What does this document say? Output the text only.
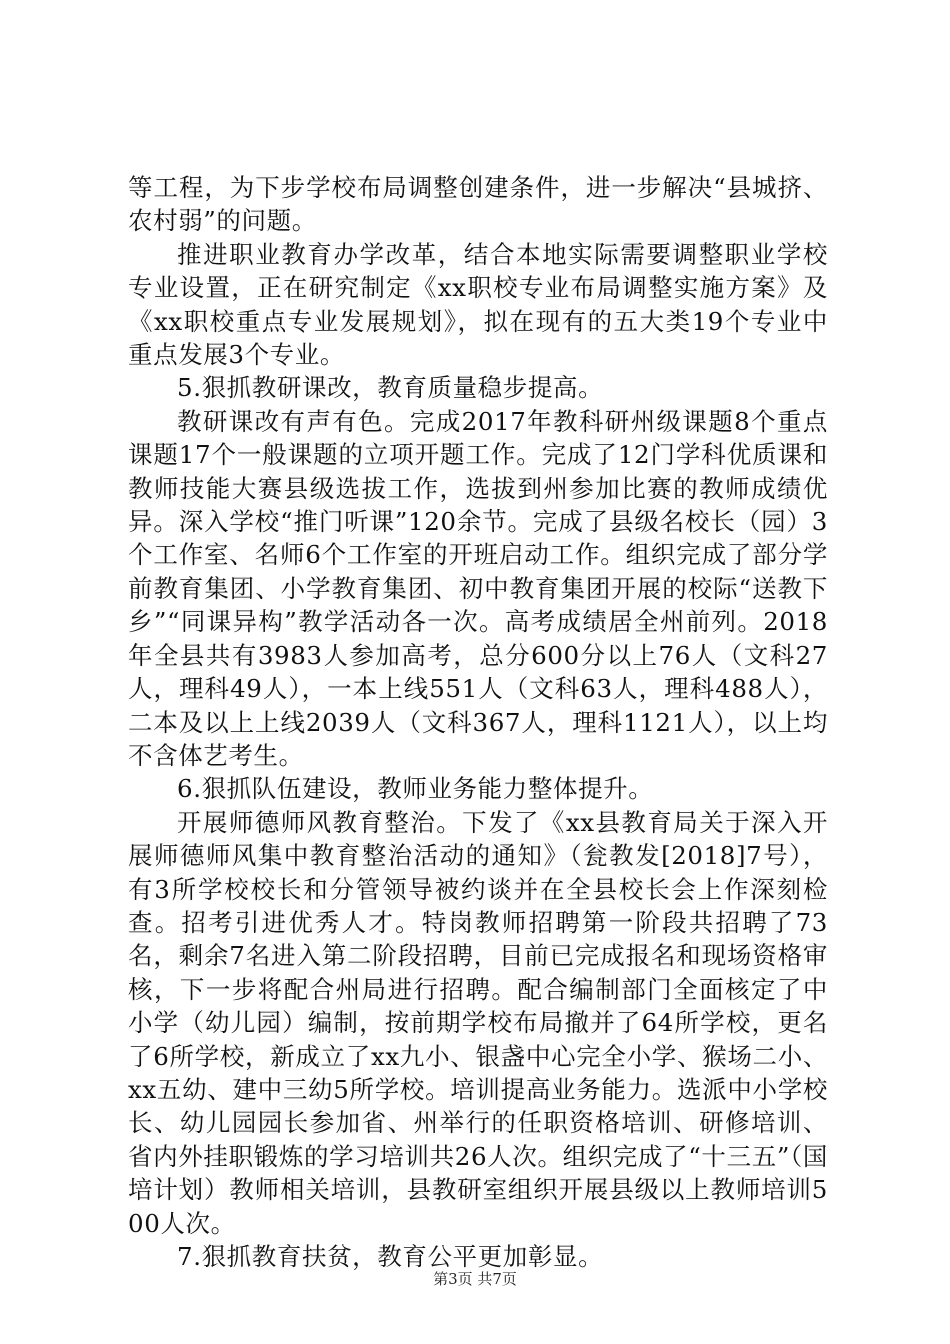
等工程，为下步学校布局调整创建条件，进一步解决“县城挤、农村弱”的问题。

推进职业教育办学改革，结合本地实际需要调整职业学校专业设置，正在研究制定《xx职校专业布局调整实施方案》及《xx职校重点专业发展规划》，拟在现有的五大类19个专业中重点发展3个专业。

5.狠抓教研课改，教育质量稳步提高。

教研课改有声有色。完成2017年教科研州级课题8个重点课题17个一般课题的立项开题工作。完成了12门学科优质课和教师技能大赛县级选拔工作，选拔到州参加比赛的教师成绩优异。深入学校“推门听课”120余节。完成了县级名校长（园）3个工作室、名师6个工作室的开班启动工作。组织完成了部分学前教育集团、小学教育集团、初中教育集团开展的校际“送教下乡”“同课异构”教学活动各一次。高考成绩居全州前列。2018年全县共有3983人参加高考，总分600分以上76人（文科27人，理科49人），一本上线551人（文科63人，理科488人），二本及以上上线2039人（文科367人，理科1121人），以上均不含体艺考生。

6.狠抓队伍建设，教师业务能力整体提升。

开展师德师风教育整治。下发了《xx县教育局关于深入开展师德师风集中教育整治活动的通知》（瓮教发[2018]7号），有3所学校校长和分管领导被约谈并在全县校长会上作深刻检查。招考引进优秀人才。特岗教师招聘第一阶段共招聘了73名，剩余7名进入第二阶段招聘，目前已完成报名和现场资格审核，下一步将配合州局进行招聘。配合编制部门全面核定了中小学（幼儿园）编制，按前期学校布局撤并了64所学校，更名了6所学校，新成立了xx九小、银盏中心完全小学、猴场二小、xx五幼、建中三幼5所学校。培训提高业务能力。选派中小学校长、幼儿园园长参加省、州举行的任职资格培训、研修培训、省内外挂职锻炼的学习培训共26人次。组织完成了“十三五”（国培计划）教师相关培训，县教研室组织开展县级以上教师培训500人次。

7.狠抓教育扶贫，教育公平更加彰显。

第3页 共7页
